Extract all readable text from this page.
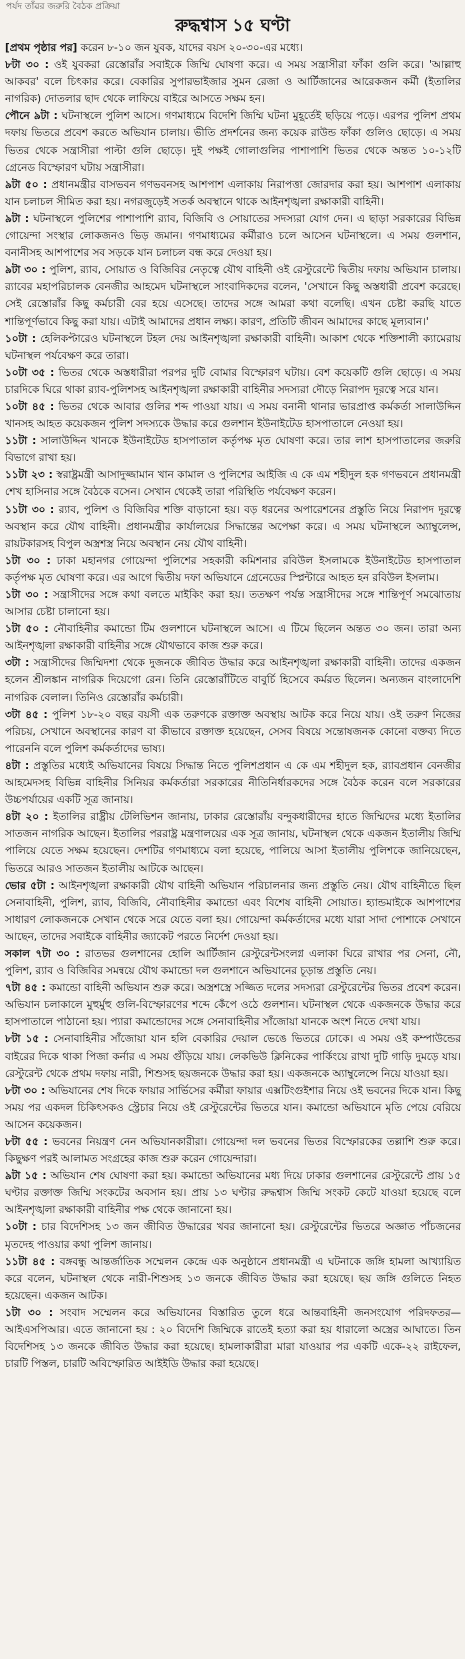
পৰ্যদ তাঁৱর জরুরি বৈঠক প্রক্রিয়া
রুদ্ধশ্বাস ১৫ ঘণ্টা

[প্রথম পৃষ্ঠার পর] করেন ৮-১০ জন যুবক, যাদের বয়স ২০-৩০-এর মধ্যে।

৮টা ৩০ : ওই যুবকরা রেস্তোরাঁর সবাইকে জিম্মি ঘোষণা করে। এ সময় সন্ত্রাসীরা ফাঁকা গুলি করে। 'আল্লাহু আকবর' বলে চিৎকার করে। বেকারির সুপারভাইজার সুমন রেজা ও আর্টিজানের আরেকজন কর্মী (ইতালির নাগরিক) দোতলার ছাদ থেকে লাফিয়ে বাইরে আসতে সক্ষম হন।

পৌনে ৯টা : ঘটনাস্থলে পুলিশ আসে। গণমাধ্যমে বিদেশি জিম্মি ঘটনা মুহূর্তেই ছড়িয়ে পড়ে। এরপর পুলিশ প্রথম দফায় ভিতরে প্রবেশ করতে অভিযান চালায়। ভীতি প্রদর্শনের জন্য কয়েক রাউন্ড ফাঁকা গুলিও ছোড়ে। এ সময় ভিতর থেকে সন্ত্রাসীরা পাল্টা গুলি ছোড়ে। দুই পক্ষই গোলাগুলির পাশাপাশি ভিতর থেকে অন্তত ১০-১২টি গ্রেনেড বিস্ফোরণ ঘটায় সন্ত্রাসীরা।

৯টা ৫০ : প্রধানমন্ত্রীর বাসভবন গণভবনসহ আশপাশ এলাকায় নিরাপত্তা জোরদার করা হয়। আশপাশ এলাকায় যান চলাচল সীমিত করা হয়। নগরজুড়েই সতর্ক অবস্থানে থাকে আইনশৃঙ্খলা রক্ষাকারী বাহিনী।

৯টা : ঘটনাস্থলে পুলিশের পাশাপাশি র‍্যাব, বিজিবি ও সোয়াতের সদস্যরা যোগ দেন। এ ছাড়া সরকারের বিভিন্ন গোয়েন্দা সংস্থার লোকজনও ভিড় জমান। গণমাধ্যমের কর্মীরাও চলে আসেন ঘটনাস্থলে। এ সময় গুলশান, বনানীসহ আশপাশের সব সড়কে যান চলাচল বন্ধ করে দেওয়া হয়।

৯টা ৩০ : পুলিশ, র‍্যাব, সোয়াত ও বিজিবির নেতৃত্বে যৌথ বাহিনী ওই রেস্টুরেন্টে দ্বিতীয় দফায় অভিযান চালায়। র‍্যাবের মহাপরিচালক বেনজীর আহমেদ ঘটনাস্থলে সাংবাদিকদের বলেন, 'সেখানে কিছু অস্তধারী প্রবেশ করেছে। সেই রেস্তোরাঁর কিছু কর্মচারী বের হয়ে এসেছে। তাদের সঙ্গে আমরা কথা বলেছি। এখন চেষ্টা করছি যাতে শান্তিপূর্ণভাবে কিছু করা যায়। এটাই আমাদের প্রধান লক্ষ্য। কারণ, প্রতিটি জীবন আমাদের কাছে মূল্যবান।'

১০টা : হেলিকপ্টারেও ঘটনাস্থলে টহল দেয় আইনশৃঙ্খলা রক্ষাকারী বাহিনী। আকাশ থেকে শক্তিশালী ক্যামেরায় ঘটনাস্থল পর্যবেক্ষণ করে তারা।

১০টা ৩৫ : ভিতর থেকে অস্তধারীরা পরপর দুটি বোমার বিস্ফোরণ ঘটায়। বেশ কয়েকটি গুলি ছোড়ে। এ সময় চারদিকে ঘিরে থাকা র‍্যাব-পুলিশসহ আইনশৃঙ্খলা রক্ষাকারী বাহিনীর সদস্যরা দৌড়ে নিরাপদ দূরত্বে সরে যান।

১০টা ৪৫ : ভিতর থেকে আবার গুলির শব্দ পাওয়া যায়। এ সময় বনানী থানার ভারপ্রাপ্ত কর্মকর্তা সালাউদ্দিন খানসহ আহত কয়েকজন পুলিশ সদস্যকে উদ্ধার করে গুলশান ইউনাইটেড হাসপাতালে নেওয়া হয়।

১১টা : সালাউদ্দিন খানকে ইউনাইটেড হাসপাতাল কর্তৃপক্ষ মৃত ঘোষণা করে। তার লাশ হাসপাতালের জরুরি বিভাগে রাখা হয়।

১১টা ২৩ : স্বরাষ্ট্রমন্ত্রী আসাদুজ্জামান খান কামাল ও পুলিশের আইজি এ কে এম শহীদুল হক গণভবনে প্রধানমন্ত্রী শেখ হাসিনার সঙ্গে বৈঠকে বসেন। সেখান থেকেই তারা পরিস্থিতি পর্যবেক্ষণ করেন।

১১টা ৩০ : র‍্যাব, পুলিশ ও বিজিবির শক্তি বাড়ানো হয়। বড় ধরনের অপারেশনের প্রস্তুতি নিয়ে নিরাপদ দূরত্বে অবস্থান করে যৌথ বাহিনী। প্রধানমন্ত্রীর কার্যালয়ের সিদ্ধান্তের অপেক্ষা করে। এ সময় ঘটনাস্থলে অ্যাম্বুলেন্স, রায়টকারসহ বিপুল অস্ত্রশস্ত্র নিয়ে অবস্থান নেয় যৌথ বাহিনী।

১টা ৩০ : ঢাকা মহানগর গোয়েন্দা পুলিশের সহকারী কমিশনার রবিউল ইসলামকে ইউনাইটেড হাসপাতাল কর্তৃপক্ষ মৃত ঘোষণা করে। এর আগে দ্বিতীয় দফা অভিযানে গ্রেনেডের স্প্লিন্টারে আহত হন রবিউল ইসলাম।

১টা ৩০ : সন্ত্রাসীদের সঙ্গে কথা বলতে মাইকিং করা হয়। ততক্ষণ পর্যন্ত সন্ত্রাসীদের সঙ্গে শান্তিপূর্ণ সমঝোতায় আসার চেষ্টা চালানো হয়।

১টা ৫০ : নৌবাহিনীর কমান্ডো টিম গুলশানে ঘটনাস্থলে আসে। এ টিমে ছিলেন অন্তত ৩০ জন। তারা অন্য আইনশৃঙ্খলা রক্ষাকারী বাহিনীর সঙ্গে যৌথভাবে কাজ শুরু করে।

৩টা : সন্ত্রাসীদের জিম্মিদশা থেকে দুজনকে জীবিত উদ্ধার করে আইনশৃঙ্খলা রক্ষাকারী বাহিনী। তাদের একজন হলেন শ্রীলঙ্কান নাগরিক দিয়েগো রেন। তিনি রেস্তোরাঁটিতে বাবুর্চি হিসেবে কর্মরত ছিলেন। অন্যজন বাংলাদেশি নাগরিক বেলাল। তিনিও রেস্তোরাঁর কর্মচারী।

৩টা ৪৫ : পুলিশ ১৮-২০ বছর বয়সী এক তরুণকে রক্তাক্ত অবস্থায় আটক করে নিয়ে যায়। ওই তরুণ নিজের পরিচয়, সেখানে অবস্থানের কারণ বা কীভাবে রক্তাক্ত হয়েছেন, সেসব বিষয়ে সন্তোষজনক কোনো বক্তব্য দিতে পারেননি বলে পুলিশ কর্মকর্তাদের ভাষ্য।

৪টা : প্রস্তুতির মধ্যেই অভিযানের বিষয়ে সিদ্ধান্ত নিতে পুলিশপ্রধান এ কে এম শহীদুল হক, র‍্যাবপ্রধান বেনজীর আহমেদসহ বিভিন্ন বাহিনীর সিনিয়র কর্মকর্তারা সরকারের নীতিনির্ধারকদের সঙ্গে বৈঠক করেন বলে সরকারের উচ্চপর্যায়ের একটি সূত্র জানায়।

৪টা ২০ : ইতালির রাষ্ট্রীয় টেলিভিশন জানায়, ঢাকার রেস্তোরাঁয় বন্দুকধারীদের হাতে জিম্মিদের মধ্যে ইতালির সাতজন নাগরিক আছেন। ইতালির পররাষ্ট্র মন্ত্রণালয়ের এক সূত্র জানায়, ঘটনাস্থল থেকে একজন ইতালীয় জিম্মি পালিয়ে যেতে সক্ষম হয়েছেন। দেশটির গণমাধ্যমে বলা হয়েছে, পালিয়ে আসা ইতালীয় পুলিশকে জানিয়েছেন, ভিতরে আরও সাতজন ইতালীয় আটকে আছেন।

ভোর ৫টা : আইনশৃঙ্খলা রক্ষাকারী যৌথ বাহিনী অভিযান পরিচালনার জন্য প্রস্তুতি নেয়। যৌথ বাহিনীতে ছিল সেনাবাহিনী, পুলিশ, র‍্যাব, বিজিবি, নৌবাহিনীর কমান্ডো এবং বিশেষ বাহিনী সোয়াত। হ্যান্ডমাইকে আশপাশের সাধারণ লোকজনকে সেখান থেকে সরে যেতে বলা হয়। গোয়েন্দা কর্মকর্তাদের মধ্যে যারা সাদা পোশাকে সেখানে আছেন, তাদের সবাইকে বাহিনীর জ্যাকেট পরতে নির্দেশ দেওয়া হয়।

সকাল ৭টা ৩০ : রাতভর গুলশানের হোলি আর্টিজান রেস্টুরেন্টসংলগ্ন এলাকা ঘিরে রাখার পর সেনা, নৌ, পুলিশ, র‍্যাব ও বিজিবির সমন্বয়ে যৌথ কমান্ডো দল গুলশানে অভিযানের চূড়ান্ত প্রস্তুতি নেয়।

৭টা ৪৫ : কমান্ডো বাহিনী অভিযান শুরু করে। অস্ত্রশস্ত্রে সজ্জিত দলের সদস্যরা রেস্টুরেন্টের ভিতর প্রবেশ করেন। অভিযান চলাকালে মুহুর্মুহু গুলি-বিস্ফোরণের শব্দে কেঁপে ওঠে গুলশান। ঘটনাস্থল থেকে একজনকে উদ্ধার করে হাসপাতালে পাঠানো হয়। প্যারা কমান্ডোদের সঙ্গে সেনাবাহিনীর সাঁজোয়া যানকে অংশ নিতে দেখা যায়।

৮টা ১৫ : সেনাবাহিনীর সাঁজোয়া যান হলি বেকারির দেয়াল ভেঙে ভিতরে ঢোকে। এ সময় ওই কম্পাউন্ডের বাইরের দিকে থাকা পিজা কর্নার এ সময় গুঁড়িয়ে যায়। লেকভিউ ক্লিনিকের পার্কিংয়ে রাখা দুটি গাড়ি দুমড়ে যায়। রেস্টুরেন্ট থেকে প্রথম দফায় নারী, শিশুসহ ছয়জনকে উদ্ধার করা হয়। একজনকে অ্যাম্বুলেন্সে নিয়ে যাওয়া হয়।

৮টা ৩০ : অভিযানের শেষ দিকে ফায়ার সার্ভিসের কর্মীরা ফায়ার এক্সটিংগুইশার নিয়ে ওই ভবনের দিকে যান। কিছু সময় পর একদল চিকিৎসকও স্ট্রেচার নিয়ে ওই রেস্টুরেন্টের ভিতরে যান। কমান্ডো অভিযানে মৃতি পেয়ে বেরিয়ে আসেন কয়েকজন।

৮টা ৫৫ : ভবনের নিয়ন্ত্রণ নেন অভিযানকারীরা। গোয়েন্দা দল ভবনের ভিতর বিস্ফোরকের তল্লাশি শুরু করে। কিছুক্ষণ পরই আলামত সংগ্রহের কাজ শুরু করেন গোয়েন্দারা।

৯টা ১৫ : অভিযান শেষ ঘোষণা করা হয়। কমান্ডো অভিযানের মধ্য দিয়ে ঢাকার গুলশানের রেস্টুরেন্টে প্রায় ১৫ ঘণ্টার রক্তাক্ত জিম্মি সংকটের অবসান হয়। প্রায় ১৩ ঘণ্টার রুদ্ধশ্বাস জিম্মি সংকট কেটে যাওয়া হয়েছে বলে আইনশৃঙ্খলা রক্ষাকারী বাহিনীর পক্ষ থেকে জানানো হয়।

১০টা : চার বিদেশিসহ ১৩ জন জীবিত উদ্ধারের খবর জানানো হয়। রেস্টুরেন্টের ভিতরে অজ্ঞাত পাঁচজনের মৃতদেহ পাওয়ার কথা পুলিশ জানায়।

১১টা ৪৫ : বঙ্গবন্ধু আন্তর্জাতিক সম্মেলন কেন্দ্রে এক অনুষ্ঠানে প্রধানমন্ত্রী এ ঘটনাকে জঙ্গি হামলা আখ্যায়িত করে বলেন, ঘটনাস্থল থেকে নারী-শিশুসহ ১৩ জনকে জীবিত উদ্ধার করা হয়েছে। ছয় জঙ্গি গুলিতে নিহত হয়েছেন। একজন আটক।

১টা ৩০ : সংবাদ সম্মেলন করে অভিযানের বিস্তারিত তুলে ধরে আন্তবাহিনী জনসংযোগ পরিদফতর—আইএসপিআর। এতে জানানো হয় : ২০ বিদেশি জিম্মিকে রাতেই হত্যা করা হয় ধারালো অস্ত্রের আঘাতে। তিন বিদেশিসহ ১৩ জনকে জীবিত উদ্ধার করা হয়েছে। হামলাকারীরা মারা যাওয়ার পর একটি একে-২২ রাইফেল, চারটি পিস্তল, চারটি অবিস্ফোরিত আইইডি উদ্ধার করা হয়েছে।
